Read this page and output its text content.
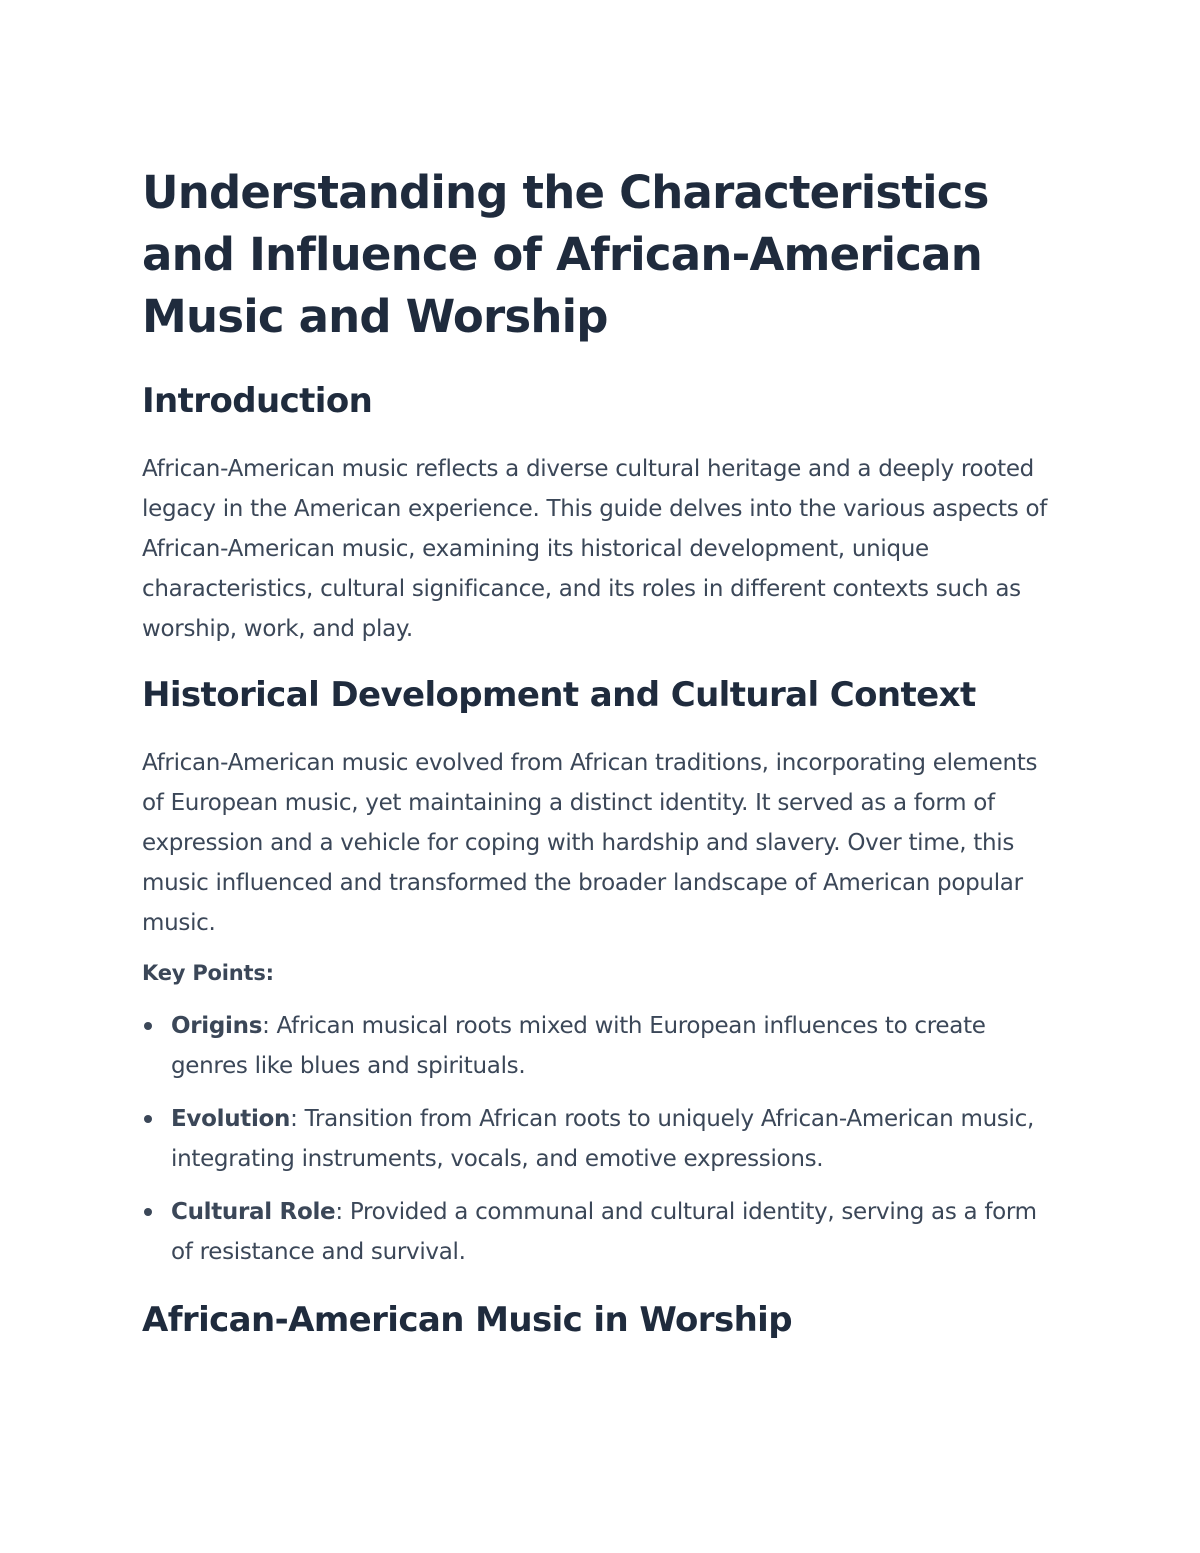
Understanding the Characteristics and Influence of African-American Music and Worship
Introduction

African-American music reflects a diverse cultural heritage and a deeply rooted legacy in the American experience. This guide delves into the various aspects of African-American music, examining its historical development, unique characteristics, cultural significance, and its roles in different contexts such as worship, work, and play.

Historical Development and Cultural Context

African-American music evolved from African traditions, incorporating elements of European music, yet maintaining a distinct identity. It served as a form of expression and a vehicle for coping with hardship and slavery. Over time, this music influenced and transformed the broader landscape of American popular music.

Key Points:
Origins: African musical roots mixed with European influences to create genres like blues and spirituals.
Evolution: Transition from African roots to uniquely African-American music, integrating instruments, vocals, and emotive expressions.
Cultural Role: Provided a communal and cultural identity, serving as a form of resistance and survival.
African-American Music in Worship
